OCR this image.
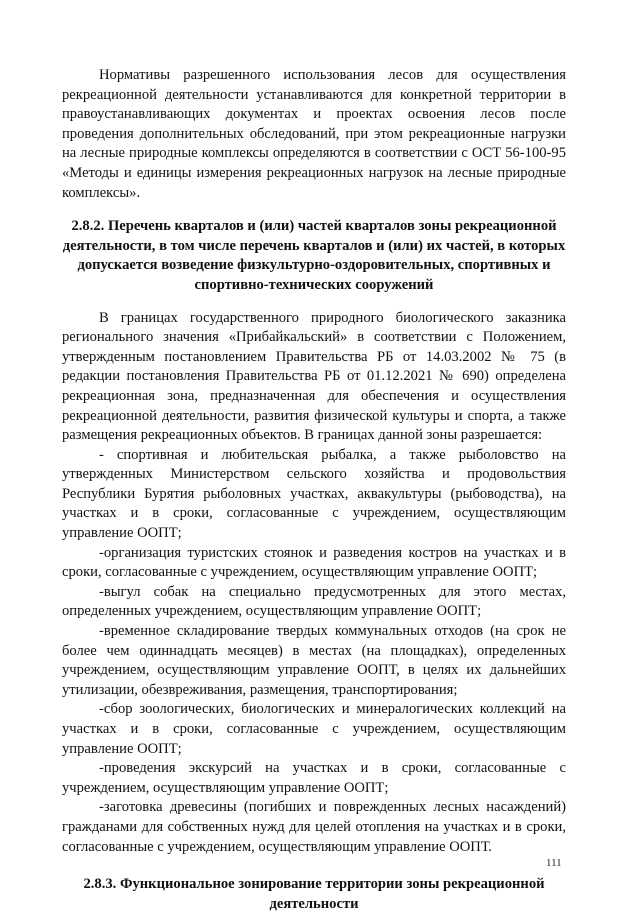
Нормативы разрешенного использования лесов для осуществления рекреационной деятельности устанавливаются для конкретной территории в правоустанавливающих документах и проектах освоения лесов после проведения дополнительных обследований, при этом рекреационные нагрузки на лесные природные комплексы определяются в соответствии с ОСТ 56-100-95 «Методы и единицы измерения рекреационных нагрузок на лесные природные комплексы».

2.8.2. Перечень кварталов и (или) частей кварталов зоны рекреационной деятельности, в том числе перечень кварталов и (или) их частей, в которых допускается возведение физкультурно-оздоровительных, спортивных и спортивно-технических сооружений

В границах государственного природного биологического заказника регионального значения «Прибайкальский» в соответствии с Положением, утвержденным постановлением Правительства РБ от 14.03.2002 № 75 (в редакции постановления Правительства РБ от 01.12.2021 № 690) определена рекреационная зона, предназначенная для обеспечения и осуществления рекреационной деятельности, развития физической культуры и спорта, а также размещения рекреационных объектов. В границах данной зоны разрешается:

- спортивная и любительская рыбалка, а также рыболовство на утвержденных Министерством сельского хозяйства и продовольствия Республики Бурятия рыболовных участках, аквакультуры (рыбоводства), на участках и в сроки, согласованные с учреждением, осуществляющим управление ООПТ;

-организация туристских стоянок и разведения костров на участках и в сроки, согласованные с учреждением, осуществляющим управление ООПТ;

-выгул собак на специально предусмотренных для этого местах, определенных учреждением, осуществляющим управление ООПТ;

-временное складирование твердых коммунальных отходов (на срок не более чем одиннадцать месяцев) в местах (на площадках), определенных учреждением, осуществляющим управление ООПТ, в целях их дальнейших утилизации, обезвреживания, размещения, транспортирования;

-сбор зоологических, биологических и минералогических коллекций на участках и в сроки, согласованные с учреждением, осуществляющим управление ООПТ;

-проведения экскурсий на участках и в сроки, согласованные с учреждением, осуществляющим управление ООПТ;

-заготовка древесины (погибших и поврежденных лесных насаждений) гражданами для собственных нужд для целей отопления на участках и в сроки, согласованные с учреждением, осуществляющим управление ООПТ.

2.8.3. Функциональное зонирование территории зоны рекреационной деятельности
111
